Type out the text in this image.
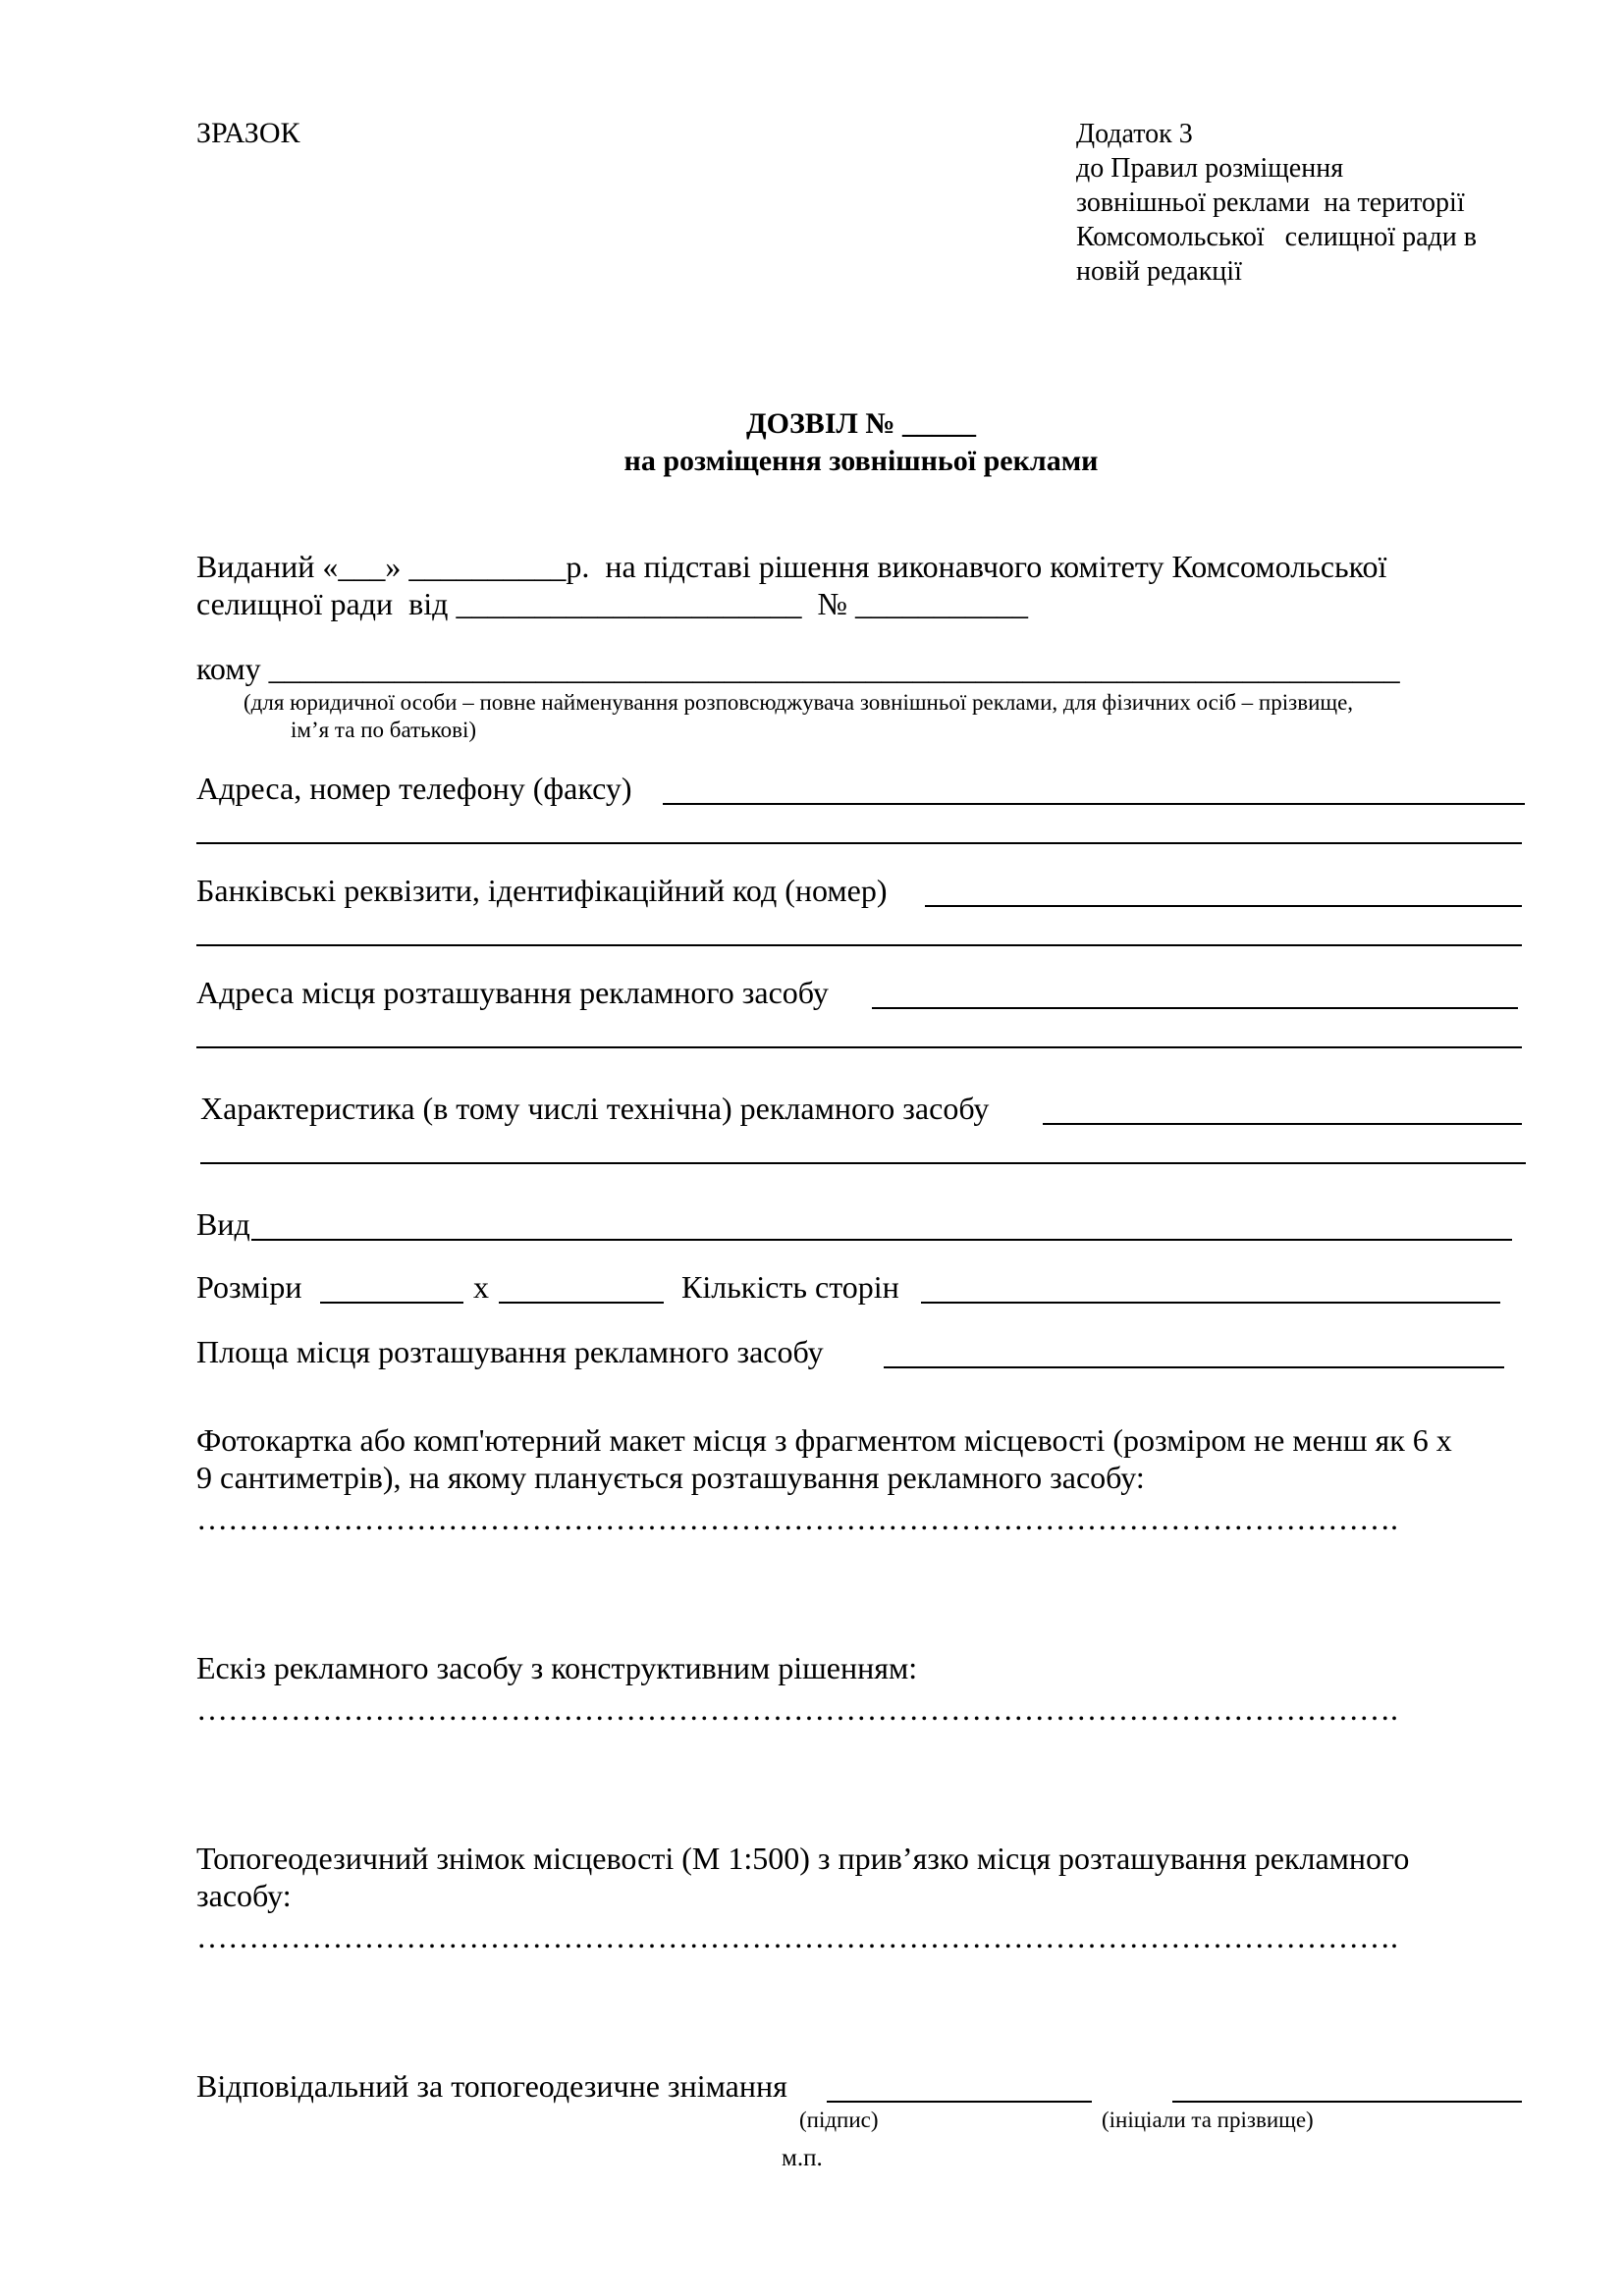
ЗРАЗОК	Додаток 3
до Правил розміщення
зовнішньої реклами  на території
Комсомольської   селищної ради в
новій редакції
ДОЗВІЛ № _____
на розміщення зовнішньої реклами
Виданий «___» __________р.  на підставі рішення виконавчого комітету Комсомольської
селищної ради  від ______________________  № ___________
кому ________________________________________________________________________
(для юридичної особи – повне найменування розповсюджувача зовнішньої реклами, для фізичних осіб – прізвище,
ім’я та по батькові)
Адреса, номер телефону (факсу)
Банківські реквізити, ідентифікаційний код (номер)
Адреса місця розташування рекламного засобу
Характеристика (в тому числі технічна) рекламного засобу
Вид
Розміри	х	Кількість сторін
Площа місця розташування рекламного засобу
Фотокартка або комп'ютерний макет місця з фрагментом місцевості (розміром не менш як 6 х
9 сантиметрів), на якому планується розташування рекламного засобу:
…………………………………………………………………………………………………….
Ескіз рекламного засобу з конструктивним рішенням:
…………………………………………………………………………………………………….
Топогеодезичний знімок місцевості (М 1:500) з прив’язко місця розташування рекламного
засобу:
…………………………………………………………………………………………………….
Відповідальний за топогеодезичне знімання
(підпис)	(ініціали та прізвище)
м.п.
